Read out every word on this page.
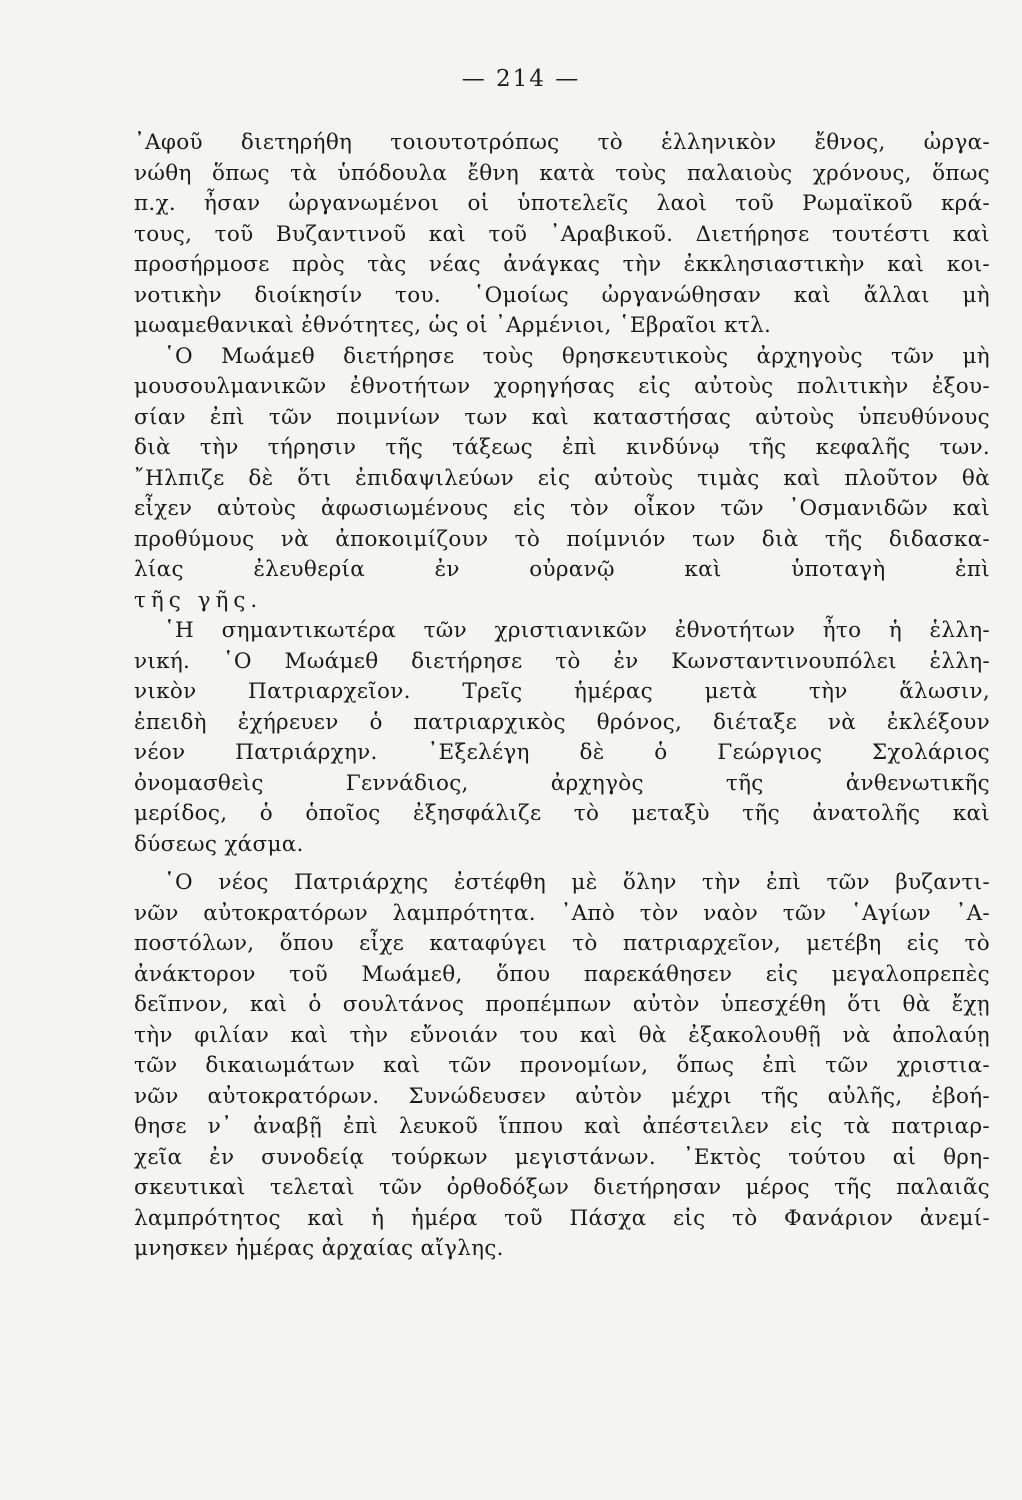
— 214 —
᾿Αφοῦ διετηρήθη τοιουτοτρόπως τὸ ἑλληνικὸν ἔθνος, ὠργα-
νώθη ὅπως τὰ ὑπόδουλα ἔθνη κατὰ τοὺς παλαιοὺς χρόνους, ὅπως
π.χ. ἦσαν ὠργανωμένοι οἱ ὑποτελεῖς λαοὶ τοῦ Ρωμαϊκοῦ κρά-
τους, τοῦ Βυζαντινοῦ καὶ τοῦ ᾿Αραβικοῦ. Διετήρησε τουτέστι καὶ
προσήρμοσε πρὸς τὰς νέας ἀνάγκας τὴν ἐκκλησιαστικὴν καὶ κοι-
νοτικὴν διοίκησίν του. ῾Ομοίως ὠργανώθησαν καὶ ἄλλαι μὴ
μωαμεθανικαὶ ἐθνότητες, ὡς οἱ ᾿Αρμένιοι, ῾Εβραῖοι κτλ.
῾Ο Μωάμεθ διετήρησε τοὺς θρησκευτικοὺς ἀρχηγοὺς τῶν μὴ
μουσουλμανικῶν ἐθνοτήτων χορηγήσας εἰς αὐτοὺς πολιτικὴν ἐξου-
σίαν ἐπὶ τῶν ποιμνίων των καὶ καταστήσας αὐτοὺς ὑπευθύνους
διὰ τὴν τήρησιν τῆς τάξεως ἐπὶ κινδύνῳ τῆς κεφαλῆς των.
῎Ηλπιζε δὲ ὅτι ἐπιδαψιλεύων εἰς αὐτοὺς τιμὰς καὶ πλοῦτον θὰ
εἶχεν αὐτοὺς ἀφωσιωμένους εἰς τὸν οἶκον τῶν ᾿Οσμανιδῶν καὶ
προθύμους νὰ ἀποκοιμίζουν τὸ ποίμνιόν των διὰ τῆς διδασκα-
λίας ἐλευθερία ἐν οὐρανῷ καὶ ὑποταγὴ ἐπὶ
τῆς γῆς.
῾Η σημαντικωτέρα τῶν χριστιανικῶν ἐθνοτήτων ἦτο ἡ ἑλλη-
νική. ῾Ο Μωάμεθ διετήρησε τὸ ἐν Κωνσταντινουπόλει ἑλλη-
νικὸν Πατριαρχεῖον. Τρεῖς ἡμέρας μετὰ τὴν ἅλωσιν,
ἐπειδὴ ἐχήρευεν ὁ πατριαρχικὸς θρόνος, διέταξε νὰ ἐκλέξουν
νέον Πατριάρχην. ᾿Εξελέγη δὲ ὁ Γεώργιος Σχολάριος
ὀνομασθεὶς Γεννάδιος, ἀρχηγὸς τῆς ἀνθενωτικῆς
μερίδος, ὁ ὁποῖος ἐξησφάλιζε τὸ μεταξὺ τῆς ἀνατολῆς καὶ
δύσεως χάσμα.
῾Ο νέος Πατριάρχης ἐστέφθη μὲ ὅλην τὴν ἐπὶ τῶν βυζαντι-
νῶν αὐτοκρατόρων λαμπρότητα. ᾿Απὸ τὸν ναὸν τῶν ῾Αγίων ᾿Α-
ποστόλων, ὅπου εἶχε καταφύγει τὸ πατριαρχεῖον, μετέβη εἰς τὸ
ἀνάκτορον τοῦ Μωάμεθ, ὅπου παρεκάθησεν εἰς μεγαλοπρεπὲς
δεῖπνον, καὶ ὁ σουλτάνος προπέμπων αὐτὸν ὑπεσχέθη ὅτι θὰ ἔχῃ
τὴν φιλίαν καὶ τὴν εὔνοιάν του καὶ θὰ ἐξακολουθῇ νὰ ἀπολαύῃ
τῶν δικαιωμάτων καὶ τῶν προνομίων, ὅπως ἐπὶ τῶν χριστια-
νῶν αὐτοκρατόρων. Συνώδευσεν αὐτὸν μέχρι τῆς αὐλῆς, ἐβοή-
θησε ν᾿ ἀναβῇ ἐπὶ λευκοῦ ἵππου καὶ ἀπέστειλεν εἰς τὰ πατριαρ-
χεῖα ἐν συνοδείᾳ τούρκων μεγιστάνων. ᾿Εκτὸς τούτου αἱ θρη-
σκευτικαὶ τελεταὶ τῶν ὀρθοδόξων διετήρησαν μέρος τῆς παλαιᾶς
λαμπρότητος καὶ ἡ ἡμέρα τοῦ Πάσχα εἰς τὸ Φανάριον ἀνεμί-
μνησκεν ἡμέρας ἀρχαίας αἴγλης.
